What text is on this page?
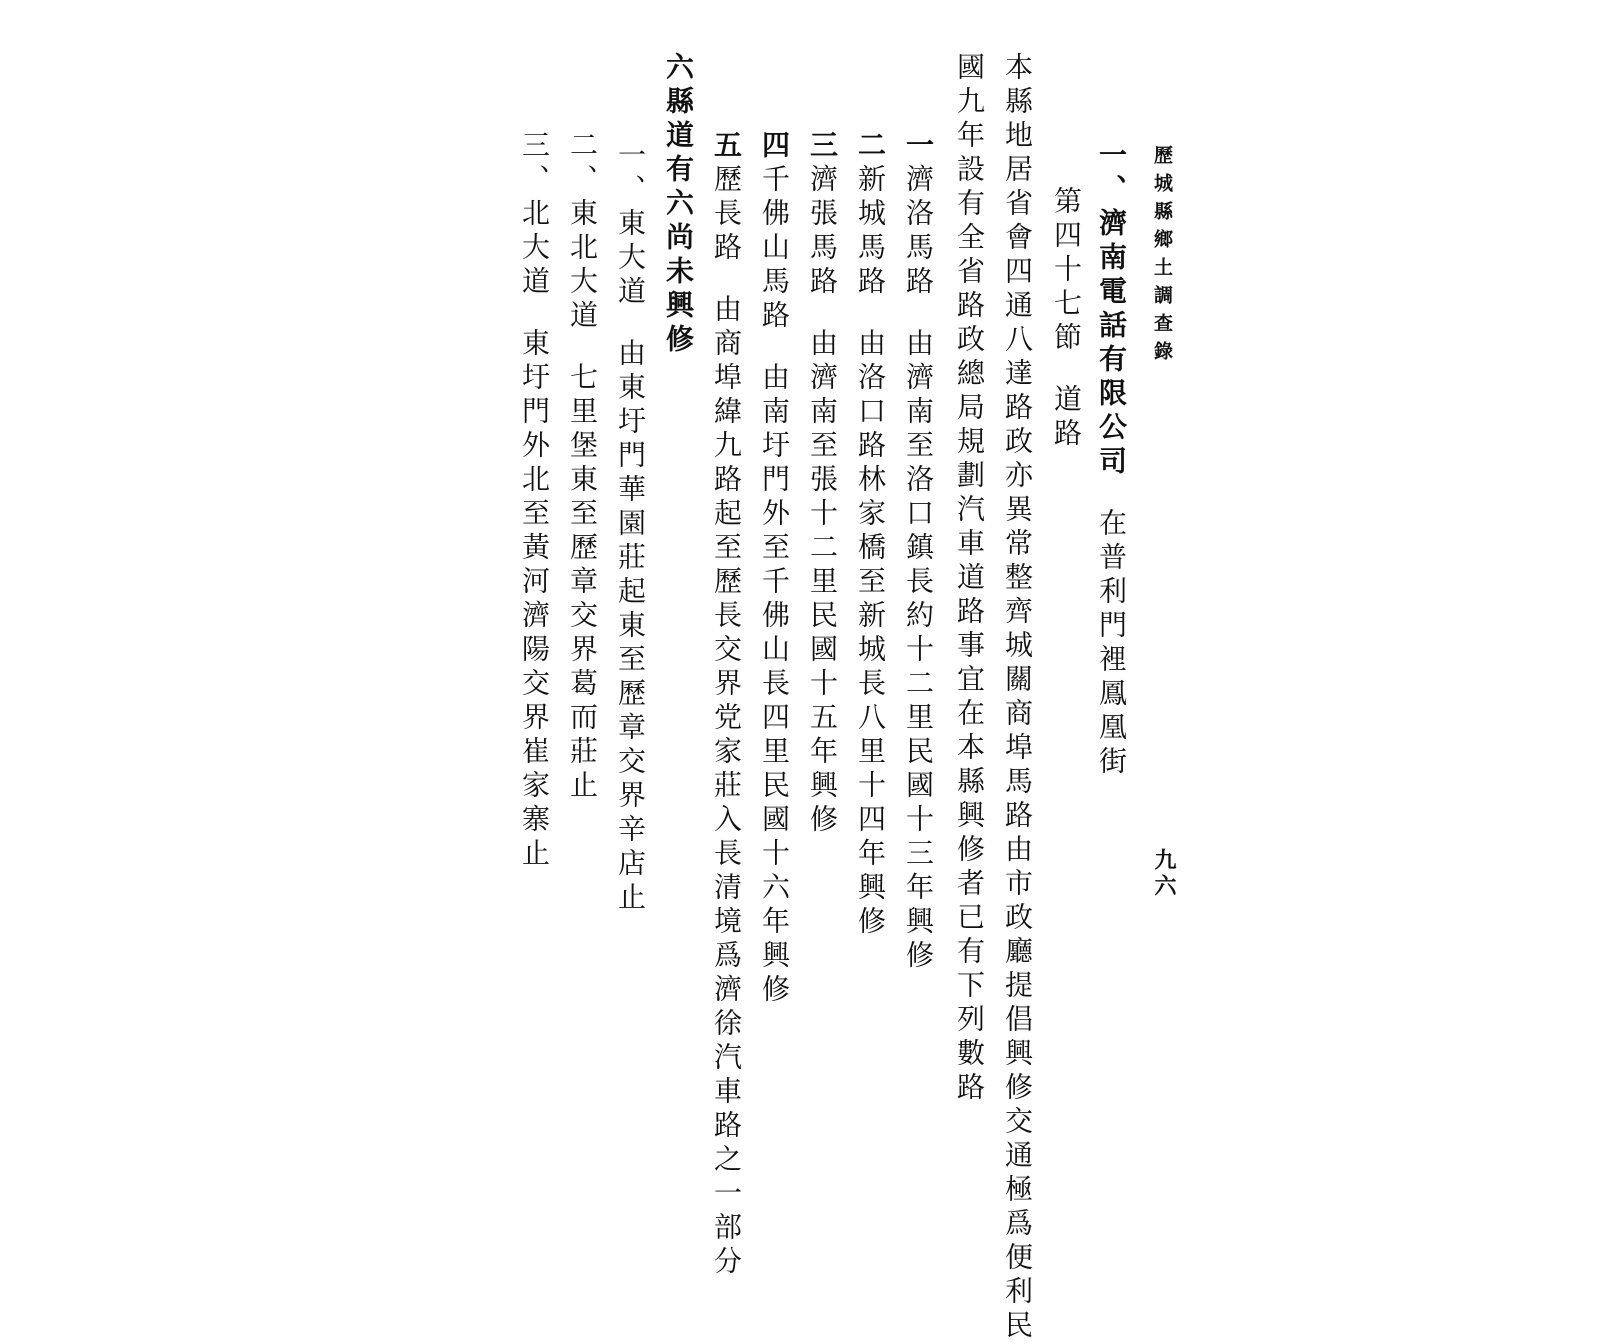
歷城縣鄉土調查錄
九六

一、濟南電話有限公司在普利門裡鳳凰街

第四十七節道路

本縣地居省會四通八達路政亦異常整齊城關商埠馬路由市政廳提倡興修交通極爲便利民
國九年設有全省路政總局規劃汽車道路事宜在本縣興修者已有下列數路

一濟洛馬路由濟南至洛口鎮長約十二里民國十三年興修

二新城馬路由洛口路林家橋至新城長八里十四年興修

三濟張馬路由濟南至張十二里民國十五年興修

四千佛山馬路由南圩門外至千佛山長四里民國十六年興修

五歷長路由商埠緯九路起至歷長交界党家莊入長清境爲濟徐汽車路之一部分

六縣道有六尚未興修

一、東大道由東圩門華園莊起東至歷章交界辛店止

二、東北大道七里堡東至歷章交界葛而莊止

三、北大道東圩門外北至黃河濟陽交界崔家寨止
